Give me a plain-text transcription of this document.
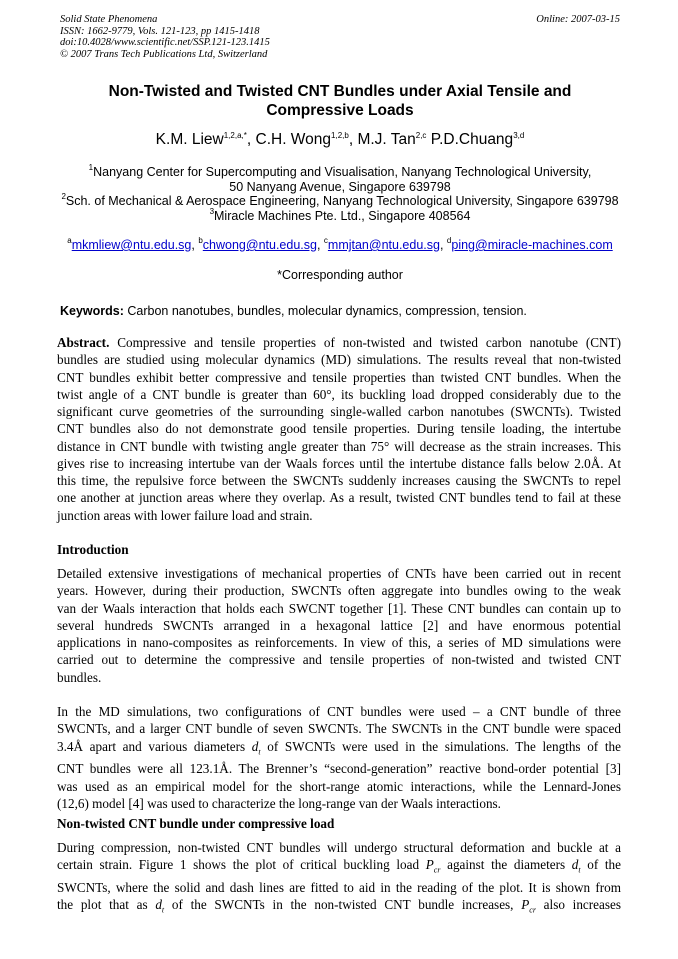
Solid State Phenomena
ISSN: 1662-9779, Vols. 121-123, pp 1415-1418
doi:10.4028/www.scientific.net/SSP.121-123.1415
© 2007 Trans Tech Publications Ltd, Switzerland
Online: 2007-03-15
Non-Twisted and Twisted CNT Bundles under Axial Tensile and
Compressive Loads
K.M. Liew$^{1,2,a,*}$, C.H. Wong$^{1,2,b}$, M.J. Tan$^{2,c}$ P.D.Chuang$^{3,d}$
$^1$Nanyang Center for Supercomputing and Visualisation, Nanyang Technological University,
50 Nanyang Avenue, Singapore 639798
$^2$Sch. of Mechanical & Aerospace Engineering, Nanyang Technological University, Singapore 639798
$^3$Miracle Machines Pte. Ltd., Singapore 408564
$^a$mkmliew@ntu.edu.sg, $^b$chwong@ntu.edu.sg, $^c$mmjtan@ntu.edu.sg, $^d$ping@miracle-machines.com
*Corresponding author
Keywords: Carbon nanotubes, bundles, molecular dynamics, compression, tension.
Abstract. Compressive and tensile properties of non-twisted and twisted carbon nanotube (CNT)
bundles are studied using molecular dynamics (MD) simulations. The results reveal that non-twisted
CNT bundles exhibit better compressive and tensile properties than twisted CNT bundles. When the
twist angle of a CNT bundle is greater than 60°, its buckling load dropped considerably due to the
significant curve geometries of the surrounding single-walled carbon nanotubes (SWCNTs). Twisted
CNT bundles also do not demonstrate good tensile properties. During tensile loading, the intertube
distance in CNT bundle with twisting angle greater than 75° will decrease as the strain increases. This
gives rise to increasing intertube van der Waals forces until the intertube distance falls below 2.0Å. At
this time, the repulsive force between the SWCNTs suddenly increases causing the SWCNTs to repel
one another at junction areas where they overlap. As a result, twisted CNT bundles tend to fail at these
junction areas with lower failure load and strain.
Introduction
Detailed extensive investigations of mechanical properties of CNTs have been carried out in recent
years. However, during their production, SWCNTs often aggregate into bundles owing to the weak
van der Waals interaction that holds each SWCNT together [1]. These CNT bundles can contain up to
several hundreds SWCNTs arranged in a hexagonal lattice [2] and have enormous potential
applications in nano-composites as reinforcements. In view of this, a series of MD simulations were
carried out to determine the compressive and tensile properties of non-twisted and twisted CNT
bundles.
In the MD simulations, two configurations of CNT bundles were used – a CNT bundle of three
SWCNTs, and a larger CNT bundle of seven SWCNTs. The SWCNTs in the CNT bundle were spaced
3.4Å apart and various diameters $d_t$ of SWCNTs were used in the simulations. The lengths of the
CNT bundles were all 123.1Å. The Brenner’s “second-generation” reactive bond-order potential [3]
was used as an empirical model for the short-range atomic interactions, while the Lennard-Jones
(12,6) model [4] was used to characterize the long-range van der Waals interactions.
Non-twisted CNT bundle under compressive load
During compression, non-twisted CNT bundles will undergo structural deformation and buckle at a
certain strain. Figure 1 shows the plot of critical buckling load $P_{cr}$ against the diameters $d_t$ of the
SWCNTs, where the solid and dash lines are fitted to aid in the reading of the plot. It is shown from
the plot that as $d_t$ of the SWCNTs in the non-twisted CNT bundle increases, $P_{cr}$ also increases
